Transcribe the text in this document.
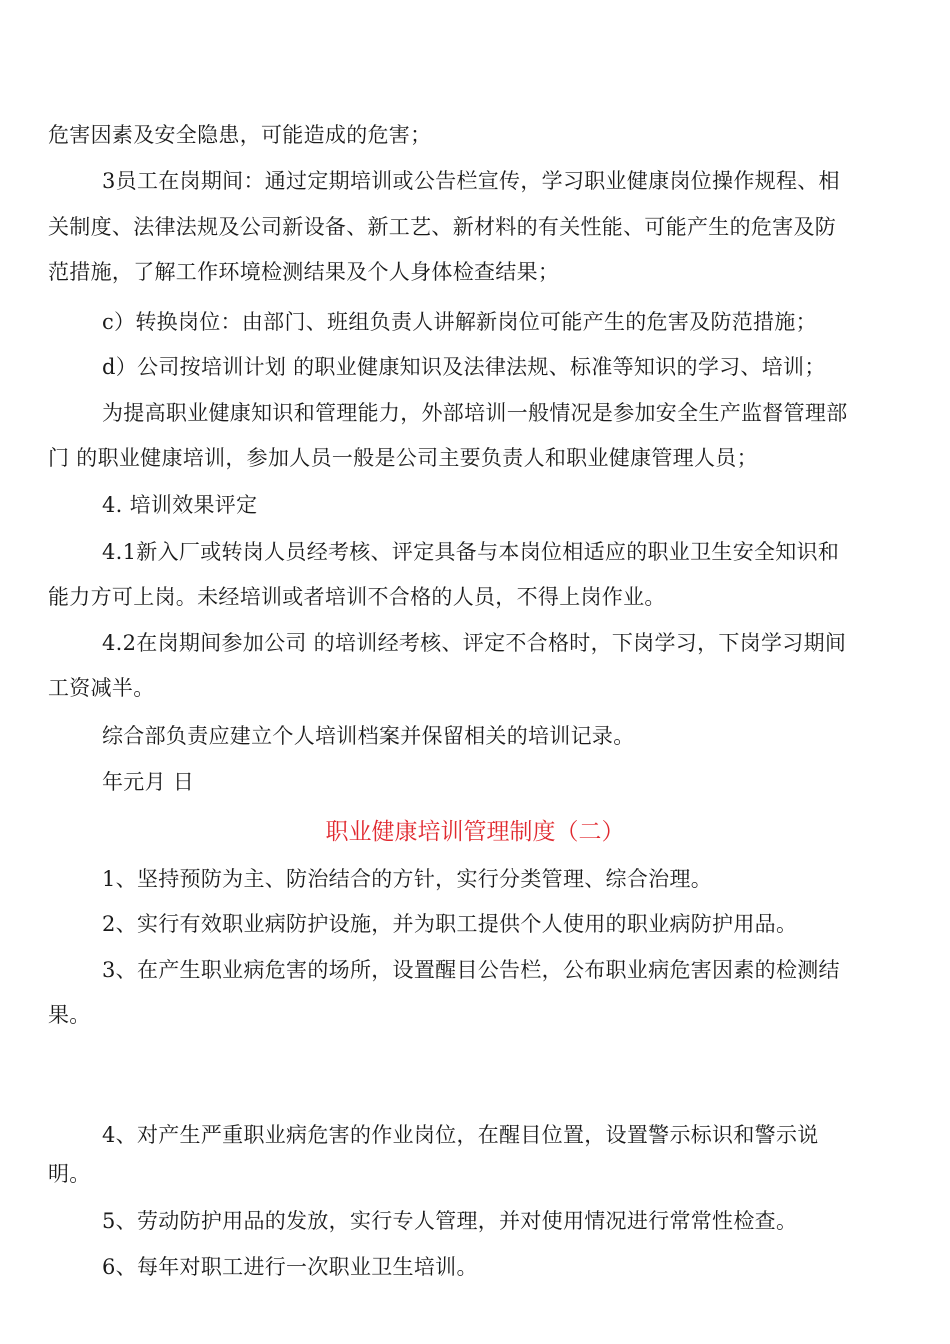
危害因素及安全隐患，可能造成的危害；
3员工在岗期间：通过定期培训或公告栏宣传，学习职业健康岗位操作规程、相
关制度、法律法规及公司新设备、新工艺、新材料的有关性能、可能产生的危害及防
范措施，了解工作环境检测结果及个人身体检查结果；
c）转换岗位：由部门、班组负责人讲解新岗位可能产生的危害及防范措施；
d）公司按培训计划 的职业健康知识及法律法规、标准等知识的学习、培训；
为提高职业健康知识和管理能力，外部培训一般情况是参加安全生产监督管理部
门 的职业健康培训，参加人员一般是公司主要负责人和职业健康管理人员；
4. 培训效果评定
4.1新入厂或转岗人员经考核、评定具备与本岗位相适应的职业卫生安全知识和
能力方可上岗。未经培训或者培训不合格的人员，不得上岗作业。
4.2在岗期间参加公司 的培训经考核、评定不合格时，下岗学习，下岗学习期间
工资减半。
综合部负责应建立个人培训档案并保留相关的培训记录。
年元月 日
职业健康培训管理制度（二）
1、坚持预防为主、防治结合的方针，实行分类管理、综合治理。
2、实行有效职业病防护设施，并为职工提供个人使用的职业病防护用品。
3、在产生职业病危害的场所，设置醒目公告栏，公布职业病危害因素的检测结
果。
4、对产生严重职业病危害的作业岗位，在醒目位置，设置警示标识和警示说
明。
5、劳动防护用品的发放，实行专人管理，并对使用情况进行常常性检查。
6、每年对职工进行一次职业卫生培训。
